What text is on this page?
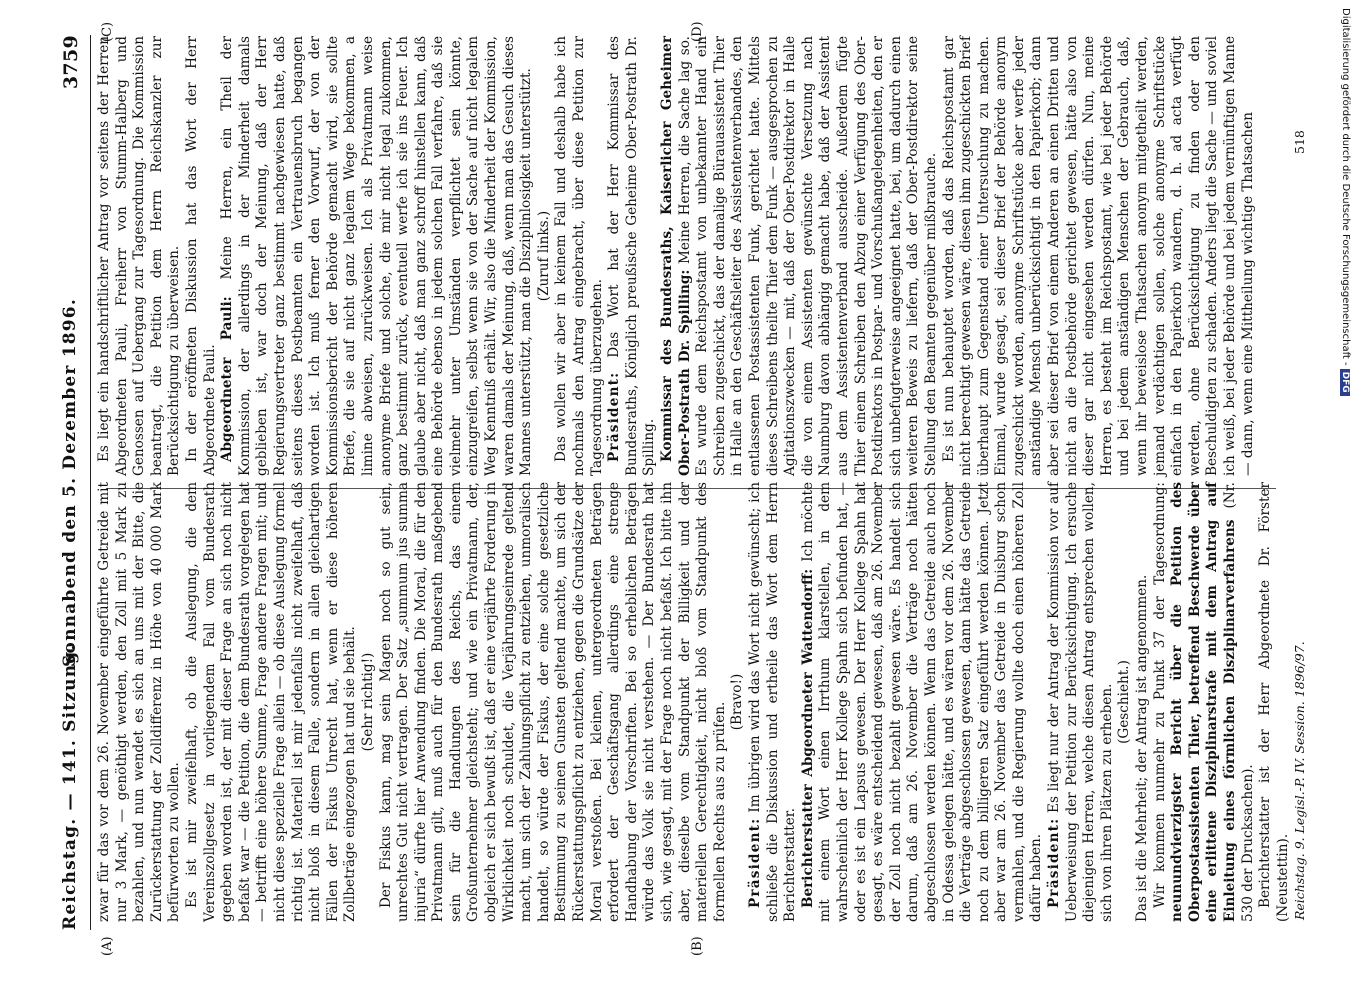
Reichstag. — 141. Sitzung.
Sonnabend den 5. Dezember 1896.
3759
(A)	(B)
(C)	(D)

zwar für das vor dem 26. November eingeführte Getreide mit nur 3 Mark, — genöthigt werden, den Zoll mit 5 Mark zu bezahlen, und nun wendet es sich an uns mit der Bitte, die Zurückerstattung der Zolldifferenz in Höhe von 40 000 Mark befürworten zu wollen. Es ist mir zweifelhaft, ob die Auslegung, die dem Vereinszollgesetz in vorliegendem Fall vom Bundesrath gegeben worden ist, der mit dieser Frage an sich noch nicht befaßt war — die Petition, die dem Bundesrath vorgelegen hat — betrifft eine höhere Summe, Frage andere Fragen mit; und nicht diese spezielle Frage allein — ob diese Auslegung formell richtig ist. Materiell ist mir jedenfalls nicht zweifelhaft, daß nicht bloß in diesem Falle, sondern in allen gleichartigen Fällen der Fiskus Unrecht hat, wenn er diese höheren Zollbeträge eingezogen hat und sie behält. (Sehr richtig!) Der Fiskus kann, mag sein Magen noch so gut sein, unrechtes Gut nicht vertragen. Der Satz „summum jus summa injuria“ dürfte hier Anwendung finden. Die Moral, die für den Privatmann gilt, muß auch für den Bundesrath maßgebend sein für die Handlungen des Reichs, das einem Großunternehmer gleichsteht; und wie ein Privatmann, der, obgleich er sich bewußt ist, daß er eine verjährte Forderung in Wirklichkeit noch schuldet, die Verjährungseinrede geltend macht, um sich der Zahlungspflicht zu entziehen, unmoralisch handelt, so würde der Fiskus, der eine solche gesetzliche Bestimmung zu seinen Gunsten geltend machte, um sich der Rückerstattungspflicht zu entziehen, gegen die Grundsätze der Moral verstoßen. Bei kleinen, untergeordneten Beträgen erfordert der Geschäftsgang allerdings eine strenge Handhabung der Vorschriften. Bei so erheblichen Beträgen würde das Volk sie nicht verstehen. — Der Bundesrath hat sich, wie gesagt, mit der Frage noch nicht befaßt. Ich bitte ihn aber, dieselbe vom Standpunkt der Billigkeit und der materiellen Gerechtigkeit, nicht bloß vom Standpunkt des formellen Rechts aus zu prüfen. (Bravo!)

Präsident: Im übrigen wird das Wort nicht gewünscht; ich schließe die Diskussion und ertheile das Wort dem Herrn Berichterstatter. Berichterstatter Abgeordneter Wattendorff: Ich möchte mit einem Wort einen Irrthum klarstellen, in dem wahrscheinlich der Herr Kollege Spahn sich befunden hat, — oder es ist ein Lapsus gewesen. Der Herr Kollege Spahn hat gesagt, es wäre entscheidend gewesen, daß am 26. November der Zoll noch nicht bezahlt gewesen wäre. Es handelt sich darum, daß am 26. November die Verträge noch hätten abgeschlossen werden können. Wenn das Getreide auch noch in Odessa gelegen hätte, und es wären vor dem 26. November die Verträge abgeschlossen gewesen, dann hätte das Getreide noch zu dem billigeren Satz eingeführt werden können. Jetzt aber war am 26. November das Getreide in Duisburg schon vermahlen, und die Regierung wollte doch einen höheren Zoll dafür haben. Präsident: Es liegt nur der Antrag der Kommission vor auf Ueberweisung der Petition zur Berücksichtigung. Ich ersuche diejenigen Herren, welche diesen Antrag entsprechen wollen, sich von ihren Plätzen zu erheben. (Geschieht.) Das ist die Mehrheit; der Antrag ist angenommen. Wir kommen nunmehr zu Punkt 37 der Tagesordnung: neunundvierzigster Bericht über die Petition des Oberpostassistenten Thier, betreffend Beschwerde über eine erlittene Disziplinarstrafe mit dem Antrag auf Einleitung eines förmlichen Disziplinarverfahrens (Nr. 530 der Drucksachen). Berichterstatter ist der Herr Abgeordnete Dr. Förster (Neustettin).

Es liegt ein handschriftlicher Antrag vor seitens der Herren Abgeordneten Pauli, Freiherr von Stumm-Halberg und Genossen auf Uebergang zur Tagesordnung. Die Kommission beantragt, die Petition dem Herrn Reichskanzler zur Berücksichtigung zu überweisen. In der eröffneten Diskussion hat das Wort der Herr Abgeordnete Pauli. Abgeordneter Pauli: Meine Herren, ein Theil der Kommission, der allerdings in der Minderheit damals geblieben ist, war doch der Meinung, daß der Herr Regierungsvertreter ganz bestimmt nachgewiesen hatte, daß seitens dieses Postbeamten ein Vertrauensbruch begangen worden ist. Ich muß ferner den Vorwurf, der von der Kommissionsbericht der Behörde gemacht wird, sie sollte Briefe, die sie auf nicht ganz legalem Wege bekommen, a limine abweisen, zurückweisen. Ich als Privatmann weise anonyme Briefe und solche, die mir nicht legal zukommen, ganz bestimmt zurück, eventuell werfe ich sie ins Feuer. Ich glaube aber nicht, daß man ganz schroff hinstellen kann, daß eine Behörde ebenso in jedem solchen Fall verfahre, daß sie vielmehr unter Umständen verpflichtet sein könnte, einzugreifen, selbst wenn sie von der Sache auf nicht legalem Weg Kenntniß erhält. Wir, also die Minderheit der Kommission, waren damals der Meinung, daß, wenn man das Gesuch dieses Mannes unterstützt, man die Disziplinlosigkeit unterstützt. (Zuruf links.) Das wollen wir aber in keinem Fall und deshalb habe ich nochmals den Antrag eingebracht, über diese Petition zur Tagesordnung überzugehen. Präsident: Das Wort hat der Herr Kommissar des Bundesraths, Königlich preußische Geheime Ober-Postrath Dr. Spilling. Kommissar des Bundesraths, Kaiserlicher Geheimer Ober-Postrath Dr. Spilling: Meine Herren, die Sache lag so. Es wurde dem Reichspostamt von unbekannter Hand ein Schreiben zugeschickt, das der damalige Bürauassistent Thier in Halle an den Geschäftsleiter des Assistentenverbandes, den entlassenen Postassistenten Funk, gerichtet hatte. Mittels dieses Schreibens theilte Thier dem Funk — ausgesprochen zu Agitationszwecken — mit, daß der Ober-Postdirektor in Halle die von einem Assistenten gewünschte Versetzung nach Naumburg davon abhängig gemacht habe, daß der Assistent aus dem Assistentenverband ausscheide. Außerdem fügte Thier einem Schreiben den Abzug einer Verfügung des Ober-Postdirektors in Postpar- und Vorschußangelegenheiten, den er sich unbefugterweise angeeignet hatte, bei, um dadurch einen weiteren Beweis zu liefern, daß der Ober-Postdirektor seine Stellung den Beamten gegenüber mißbrauche. Es ist nun behauptet worden, daß das Reichspostamt gar nicht berechtigt gewesen wäre, diesen ihm zugeschickten Brief überhaupt zum Gegenstand einer Untersuchung zu machen. Einmal, wurde gesagt, sei dieser Brief der Behörde anonym zugeschickt worden, anonyme Schriftstücke aber werfe jeder anständige Mensch unberücksichtigt in den Papierkorb; dann aber sei dieser Brief von einem Anderen an einen Dritten und nicht an die Postbehörde gerichtet gewesen, hätte also von dieser gar nicht eingesehen werden dürfen. Nun, meine Herren, es besteht im Reichspostamt, wie bei jeder Behörde und bei jedem anständigen Menschen der Gebrauch, daß, wenn ihr beweislose Thatsachen anonym mitgetheilt werden, jemand verdächtigen sollen, solche anonyme Schriftstücke einfach in den Papierkorb wandern, d. h. ad acta verfügt werden, ohne Berücksichtigung zu finden oder den Beschuldigten zu schaden. Anders liegt die Sache — und soviel ich weiß, bei jeder Behörde und bei jedem vernünftigen Manne — dann, wenn eine Mittheilung wichtige Thatsachen

Reichstag. 9. Legisl.-P. IV. Session. 1896/97.
518	Digitalisierung gefördert durch die Deutsche Forschungsgemeinschaft -DFG
